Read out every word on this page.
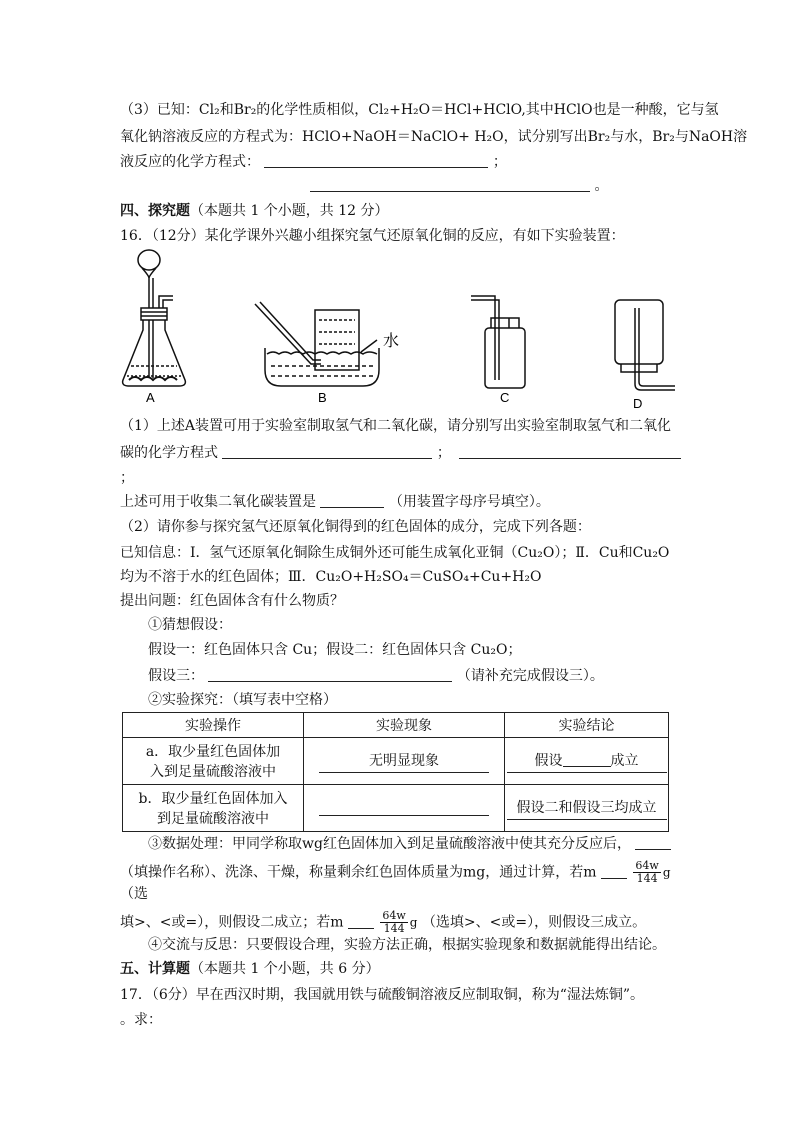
（3）已知：Cl₂和Br₂的化学性质相似，Cl₂+H₂O＝HCl+HClO,其中HClO也是一种酸，它与氢
氧化钠溶液反应的方程式为：HClO+NaOH＝NaClO+ H₂O，试分别写出Br₂与水，Br₂与NaOH溶
液反应的化学方程式：	；
。
四、探究题（本题共 1 个小题，共 12 分）
16．（12分）某化学课外兴趣小组探究氢气还原氧化铜的反应，有如下实验装置：
A
水
B	C	D
（1）上述A装置可用于实验室制取氢气和二氧化碳，请分别写出实验室制取氢气和二氧化
碳的化学方程式	；
；
上述可用于收集二氧化碳装置是	（用装置字母序号填空）。
（2）请你参与探究氢气还原氧化铜得到的红色固体的成分，完成下列各题：
已知信息：Ⅰ．氢气还原氧化铜除生成铜外还可能生成氧化亚铜（Cu₂O）；Ⅱ．Cu和Cu₂O
均为不溶于水的红色固体；Ⅲ．Cu₂O+H₂SO₄＝CuSO₄+Cu+H₂O
提出问题：红色固体含有什么物质？
①猜想假设：
假设一：红色固体只含 Cu；假设二：红色固体只含 Cu₂O；
假设三：	（请补充完成假设三）。
②实验探究：（填写表中空格）
实验操作	实验现象	实验结论

a．取少量红色固体加
入到足量硫酸溶液中	无明显现象	假设 成立

b．取少量红色固体加入
到足量硫酸溶液中		假设二和假设三均成立
③数据处理：甲同学称取wg红色固体加入到足量硫酸溶液中使其充分反应后，
（填操作名称）、洗涤、干燥，称量剩余红色固体质量为mg，通过计算，若m	$\frac{64w}{144}$ g
（选
填>、<或=），则假设二成立；若m	$\frac{64w}{144}$ g （选填>、<或=），则假设三成立。
④交流与反思：只要假设合理，实验方法正确，根据实验现象和数据就能得出结论。
五、计算题（本题共 1 个小题，共 6 分）
17．（6分）早在西汉时期，我国就用铁与硫酸铜溶液反应制取铜，称为“湿法炼铜”。
。求：
